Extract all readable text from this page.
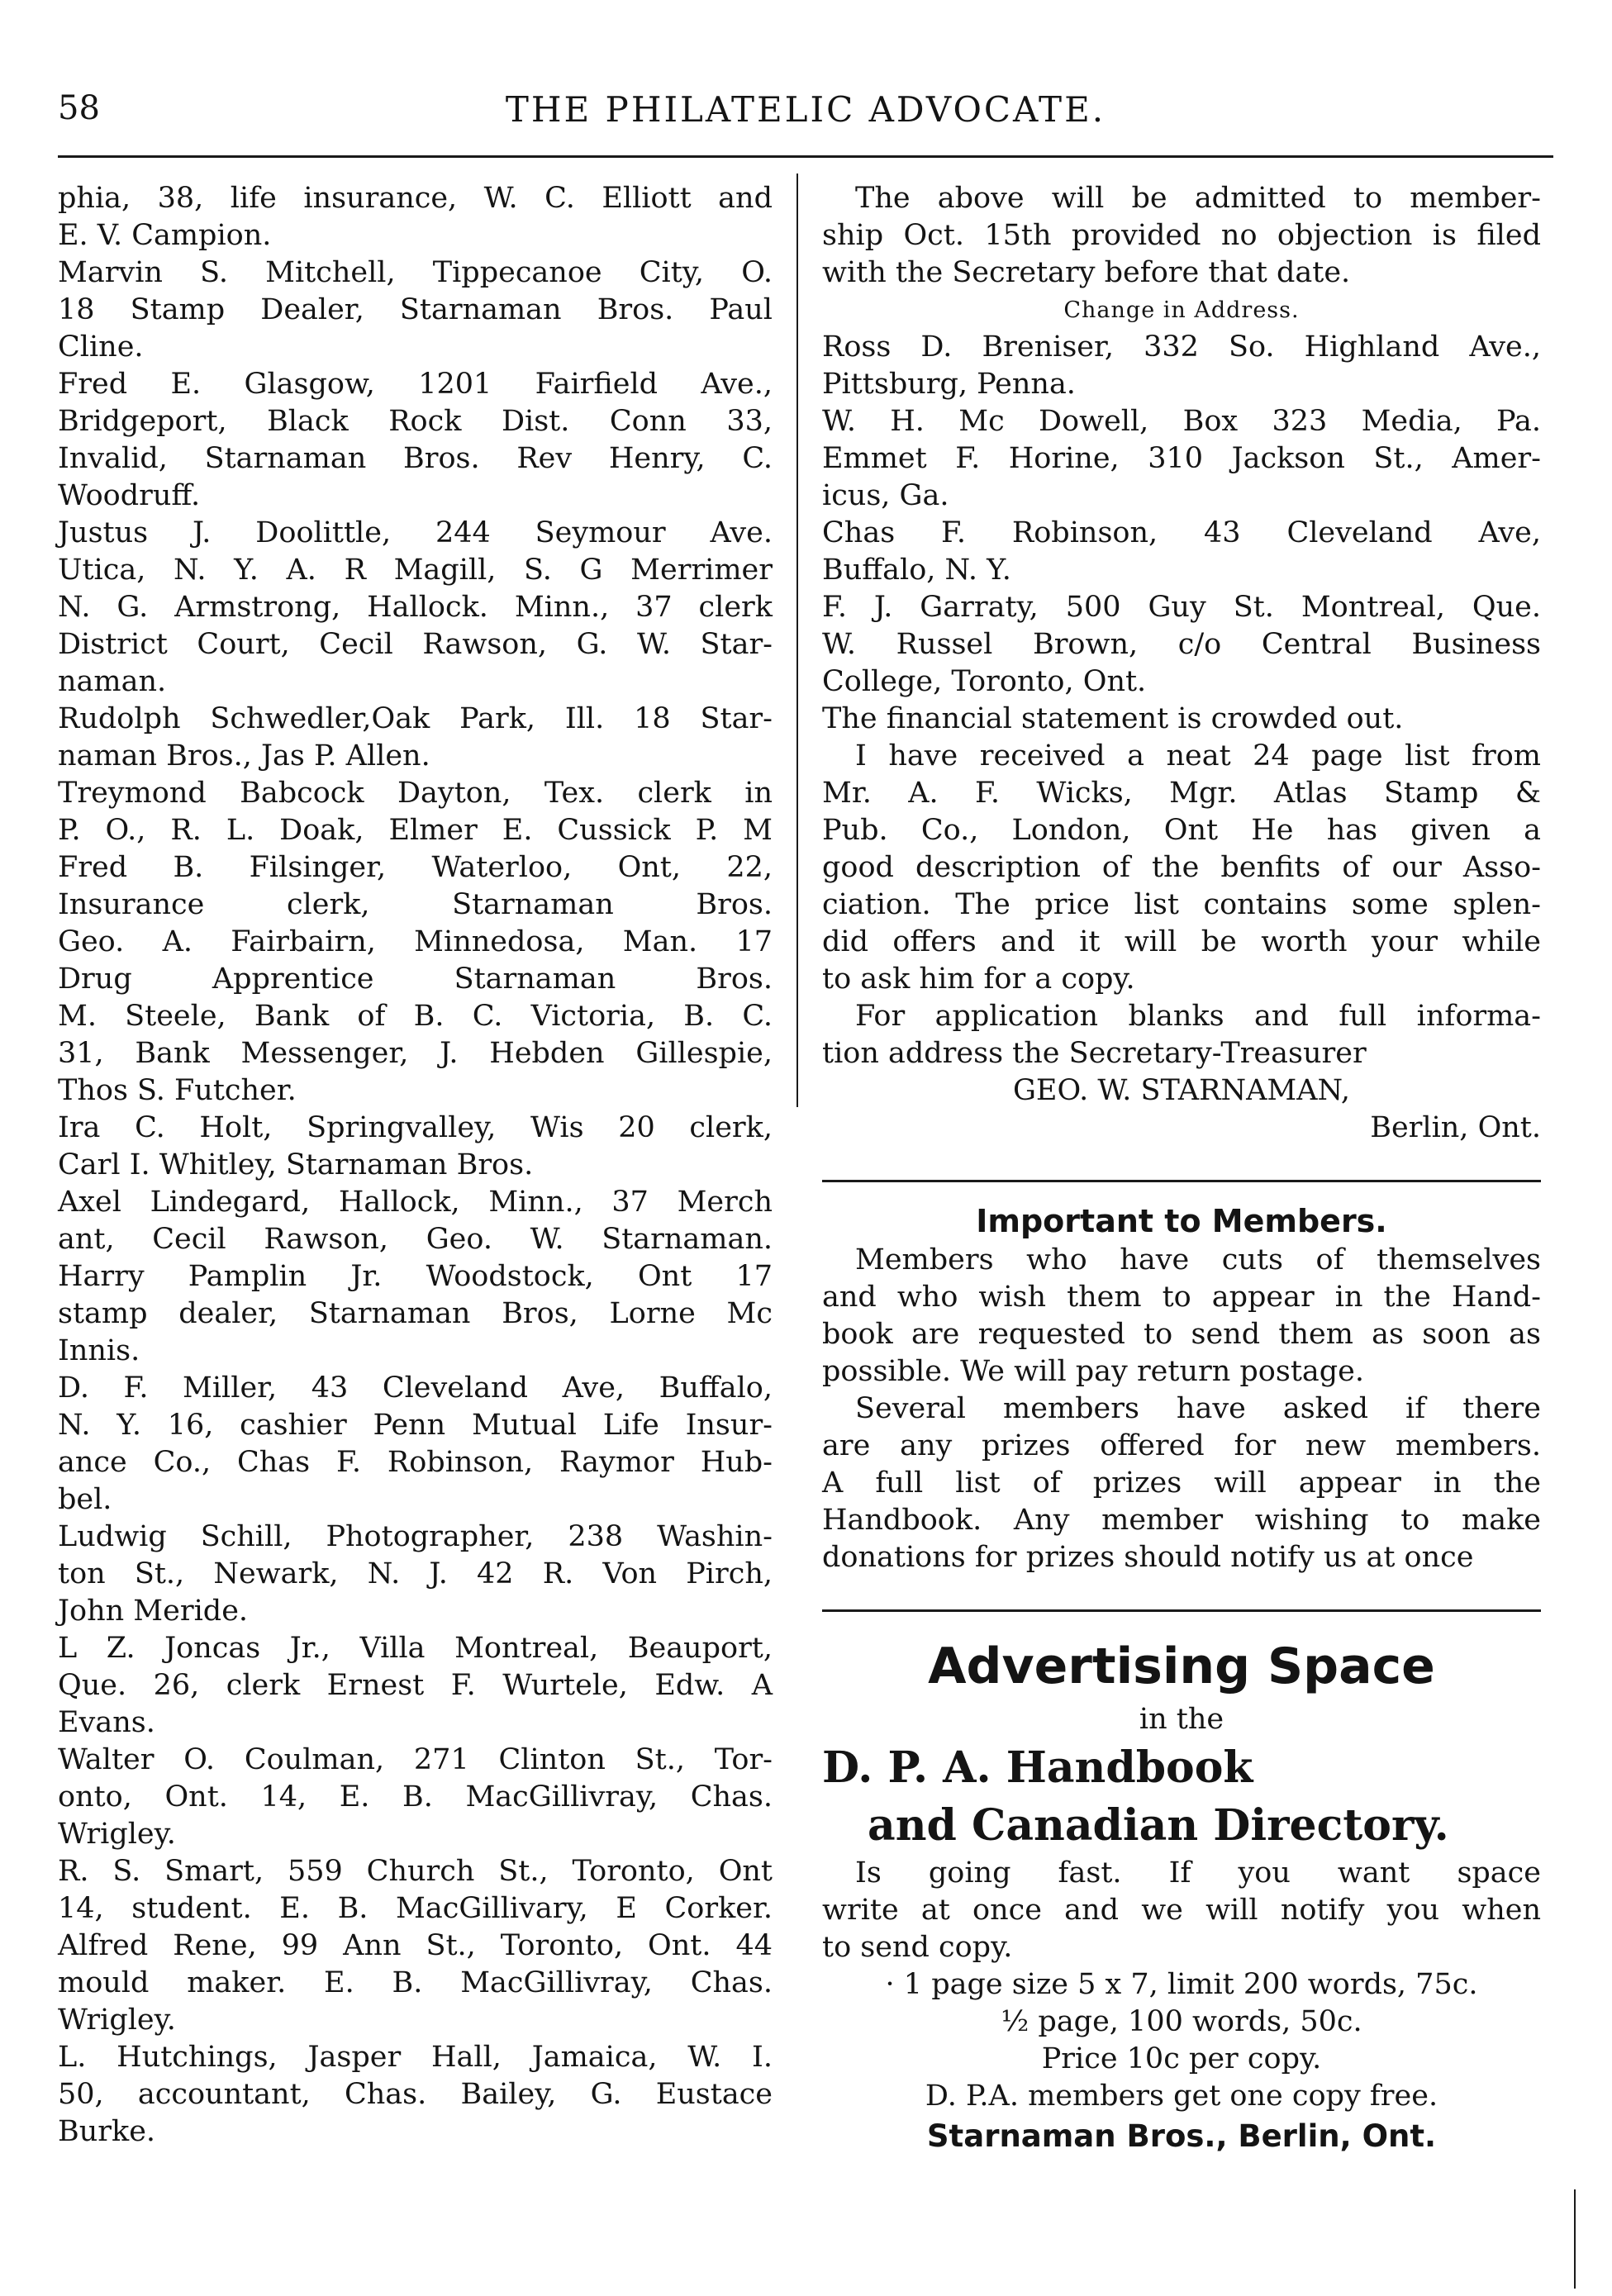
58	THE PHILATELIC ADVOCATE.
phia, 38, life insurance, W. C. Elliott and
E. V. Campion.
Marvin S. Mitchell, Tippecanoe City, O.
18 Stamp Dealer, Starnaman Bros. Paul
Cline.
Fred E. Glasgow, 1201 Fairfield Ave.,
Bridgeport, Black Rock Dist. Conn 33,
Invalid, Starnaman Bros. Rev Henry, C.
Woodruff.
Justus J. Doolittle, 244 Seymour Ave.
Utica, N. Y. A. R Magill, S. G Merrimer
N. G. Armstrong, Hallock. Minn., 37 clerk
District Court, Cecil Rawson, G. W. Star-
naman.
Rudolph Schwedler,Oak Park, Ill. 18 Star-
naman Bros., Jas P. Allen.
Treymond Babcock Dayton, Tex. clerk in
P. O., R. L. Doak, Elmer E. Cussick P. M
Fred B. Filsinger, Waterloo, Ont, 22,
Insurance clerk, Starnaman Bros.
Geo. A. Fairbairn, Minnedosa, Man. 17
Drug Apprentice Starnaman Bros.
M. Steele, Bank of B. C. Victoria, B. C.
31, Bank Messenger, J. Hebden Gillespie,
Thos S. Futcher.
Ira C. Holt, Springvalley, Wis 20 clerk,
Carl I. Whitley, Starnaman Bros.
Axel Lindegard, Hallock, Minn., 37 Merch
ant, Cecil Rawson, Geo. W. Starnaman.
Harry Pamplin Jr. Woodstock, Ont 17
stamp dealer, Starnaman Bros, Lorne Mc
Innis.
D. F. Miller, 43 Cleveland Ave, Buffalo,
N. Y. 16, cashier Penn Mutual Life Insur-
ance Co., Chas F. Robinson, Raymor Hub-
bel.
Ludwig Schill, Photographer, 238 Washin-
ton St., Newark, N. J. 42 R. Von Pirch,
John Meride.
L Z. Joncas Jr., Villa Montreal, Beauport,
Que. 26, clerk Ernest F. Wurtele, Edw. A
Evans.
Walter O. Coulman, 271 Clinton St., Tor-
onto, Ont. 14, E. B. MacGillivray, Chas.
Wrigley.
R. S. Smart, 559 Church St., Toronto, Ont
14, student. E. B. MacGillivary, E Corker.
Alfred Rene, 99 Ann St., Toronto, Ont. 44
mould maker. E. B. MacGillivray, Chas.
Wrigley.
L. Hutchings, Jasper Hall, Jamaica, W. I.
50, accountant, Chas. Bailey, G. Eustace
Burke.
The above will be admitted to member-
ship Oct. 15th provided no objection is filed
with the Secretary before that date.
Change in Address.
Ross D. Breniser, 332 So. Highland Ave.,
Pittsburg, Penna.
W. H. Mc Dowell, Box 323 Media, Pa.
Emmet F. Horine, 310 Jackson St., Amer-
icus, Ga.
Chas F. Robinson, 43 Cleveland Ave,
Buffalo, N. Y.
F. J. Garraty, 500 Guy St. Montreal, Que.
W. Russel Brown, c/o Central Business
College, Toronto, Ont.
The financial statement is crowded out.
I have received a neat 24 page list from
Mr. A. F. Wicks, Mgr. Atlas Stamp &
Pub. Co., London, Ont He has given a
good description of the benfits of our Asso-
ciation. The price list contains some splen-
did offers and it will be worth your while
to ask him for a copy.
For application blanks and full informa-
tion address the Secretary-Treasurer
GEO. W. STARNAMAN,
Berlin, Ont.
Important to Members.
Members who have cuts of themselves
and who wish them to appear in the Hand-
book are requested to send them as soon as
possible. We will pay return postage.
Several members have asked if there
are any prizes offered for new members.
A full list of prizes will appear in the
Handbook. Any member wishing to make
donations for prizes should notify us at once
Advertising Space
in the
D. P. A. Handbook
and Canadian Directory.
Is going fast. If you want space
write at once and we will notify you when
to send copy.
· 1 page size 5 x 7, limit 200 words, 75c.
½ page, 100 words, 50c.
Price 10c per copy.
D. P.A. members get one copy free.
Starnaman Bros., Berlin, Ont.
